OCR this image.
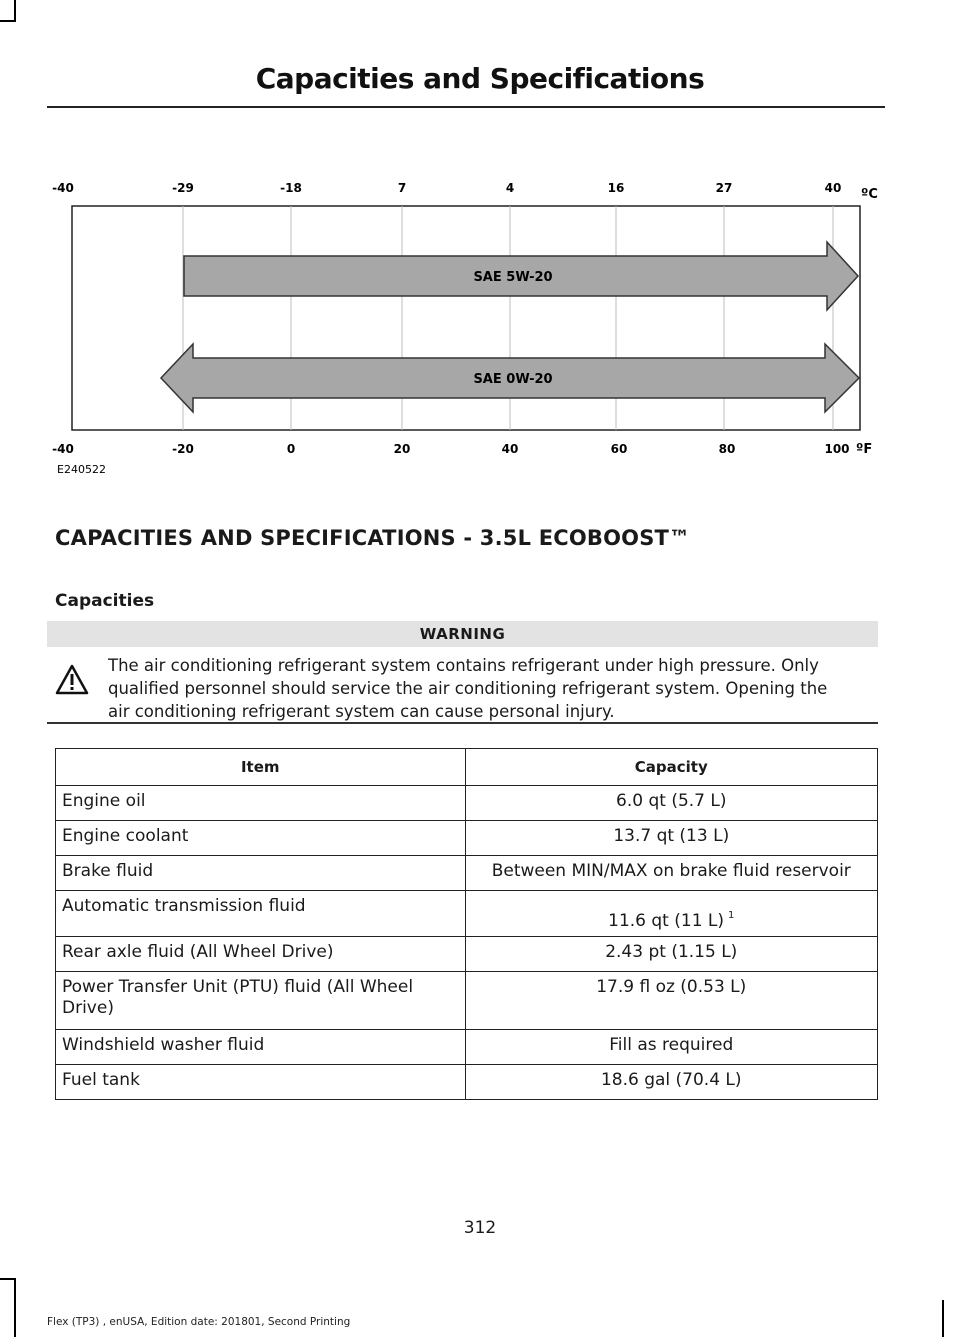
Capacities and Specifications
-40	-29	-18	7	4	16	27	40 ºC
SAE 5W-20
SAE 0W-20
-40	-20	0	20	40	60	80	100 ºF
E240522
CAPACITIES AND SPECIFICATIONS - 3.5L ECOBOOST™
Capacities
WARNING
The air conditioning refrigerant system contains refrigerant under high pressure. Only qualified personnel should service the air conditioning refrigerant system. Opening the air conditioning refrigerant system can cause personal injury.
Item	Capacity
Engine oil	6.0 qt (5.7 L)
Engine coolant	13.7 qt (13 L)
Brake fluid	Between MIN/MAX on brake fluid reservoir
Automatic transmission fluid	11.6 qt (11 L) $^1$
Rear axle fluid (All Wheel Drive)	2.43 pt (1.15 L)
Power Transfer Unit (PTU) fluid (All Wheel Drive)	17.9 fl oz (0.53 L)
Windshield washer fluid	Fill as required
Fuel tank	18.6 gal (70.4 L)
312
Flex (TP3) , enUSA, Edition date: 201801, Second Printing
